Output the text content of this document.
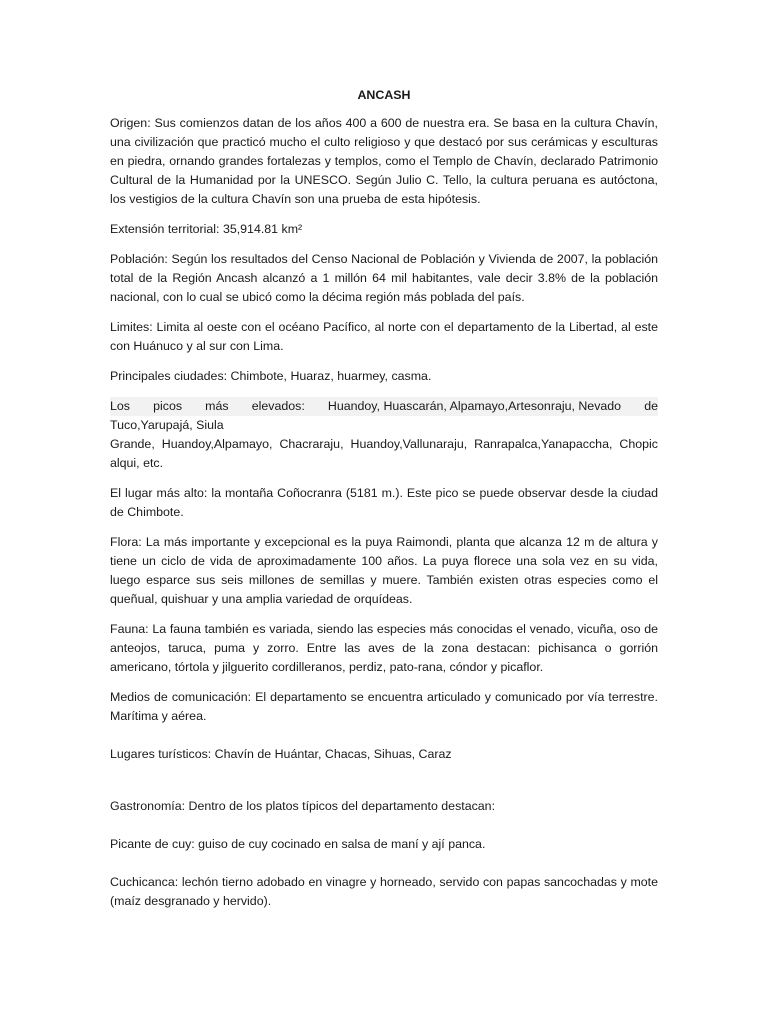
ANCASH

Origen: Sus comienzos datan de los años 400 a 600 de nuestra era. Se basa en la cultura Chavín, una civilización que practicó mucho el culto religioso y que destacó por sus cerámicas y esculturas en piedra, ornando grandes fortalezas y templos, como el Templo de Chavín, declarado Patrimonio Cultural de la Humanidad por la UNESCO. Según Julio C. Tello, la cultura peruana es autóctona, los vestigios de la cultura Chavín son una prueba de esta hipótesis.

Extensión territorial: 35,914.81 km²

Población: Según los resultados del Censo Nacional de Población y Vivienda de 2007, la población total de la Región Ancash alcanzó a 1 millón 64 mil habitantes, vale decir 3.8% de la población nacional, con lo cual se ubicó como la décima región más poblada del país.

Limites: Limita al oeste con el océano Pacífico, al norte con el departamento de la Libertad, al este con Huánuco y al sur con Lima.

Principales ciudades: Chimbote, Huaraz, huarmey, casma.

Los picos más elevados: Huandoy, Huascarán, Alpamayo,Artesonraju, Nevado de
Tuco,Yarupajá, Siula
Grande, Huandoy,Alpamayo, Chacraraju, Huandoy,Vallunaraju, Ranrapalca,Yanapaccha, Chopic alqui, etc.

El lugar más alto: la montaña Coñocranra (5181 m.). Este pico se puede observar desde la ciudad de Chimbote.

Flora: La más importante y excepcional es la puya Raimondi, planta que alcanza 12 m de altura y tiene un ciclo de vida de aproximadamente 100 años. La puya florece una sola vez en su vida, luego esparce sus seis millones de semillas y muere. También existen otras especies como el queñual, quishuar y una amplia variedad de orquídeas.

Fauna: La fauna también es variada, siendo las especies más conocidas el venado, vicuña, oso de anteojos, taruca, puma y zorro. Entre las aves de la zona destacan: pichisanca o gorrión americano, tórtola y jilguerito cordilleranos, perdiz, pato-rana, cóndor y picaflor.

Medios de comunicación: El departamento se encuentra articulado y comunicado por vía terrestre. Marítima y aérea.

Lugares turísticos: Chavín de Huántar, Chacas, Sihuas, Caraz

Gastronomía: Dentro de los platos típicos del departamento destacan:

Picante de cuy: guiso de cuy cocinado en salsa de maní y ají panca.

Cuchicanca: lechón tierno adobado en vinagre y horneado, servido con papas sancochadas y mote (maíz desgranado y hervido).
